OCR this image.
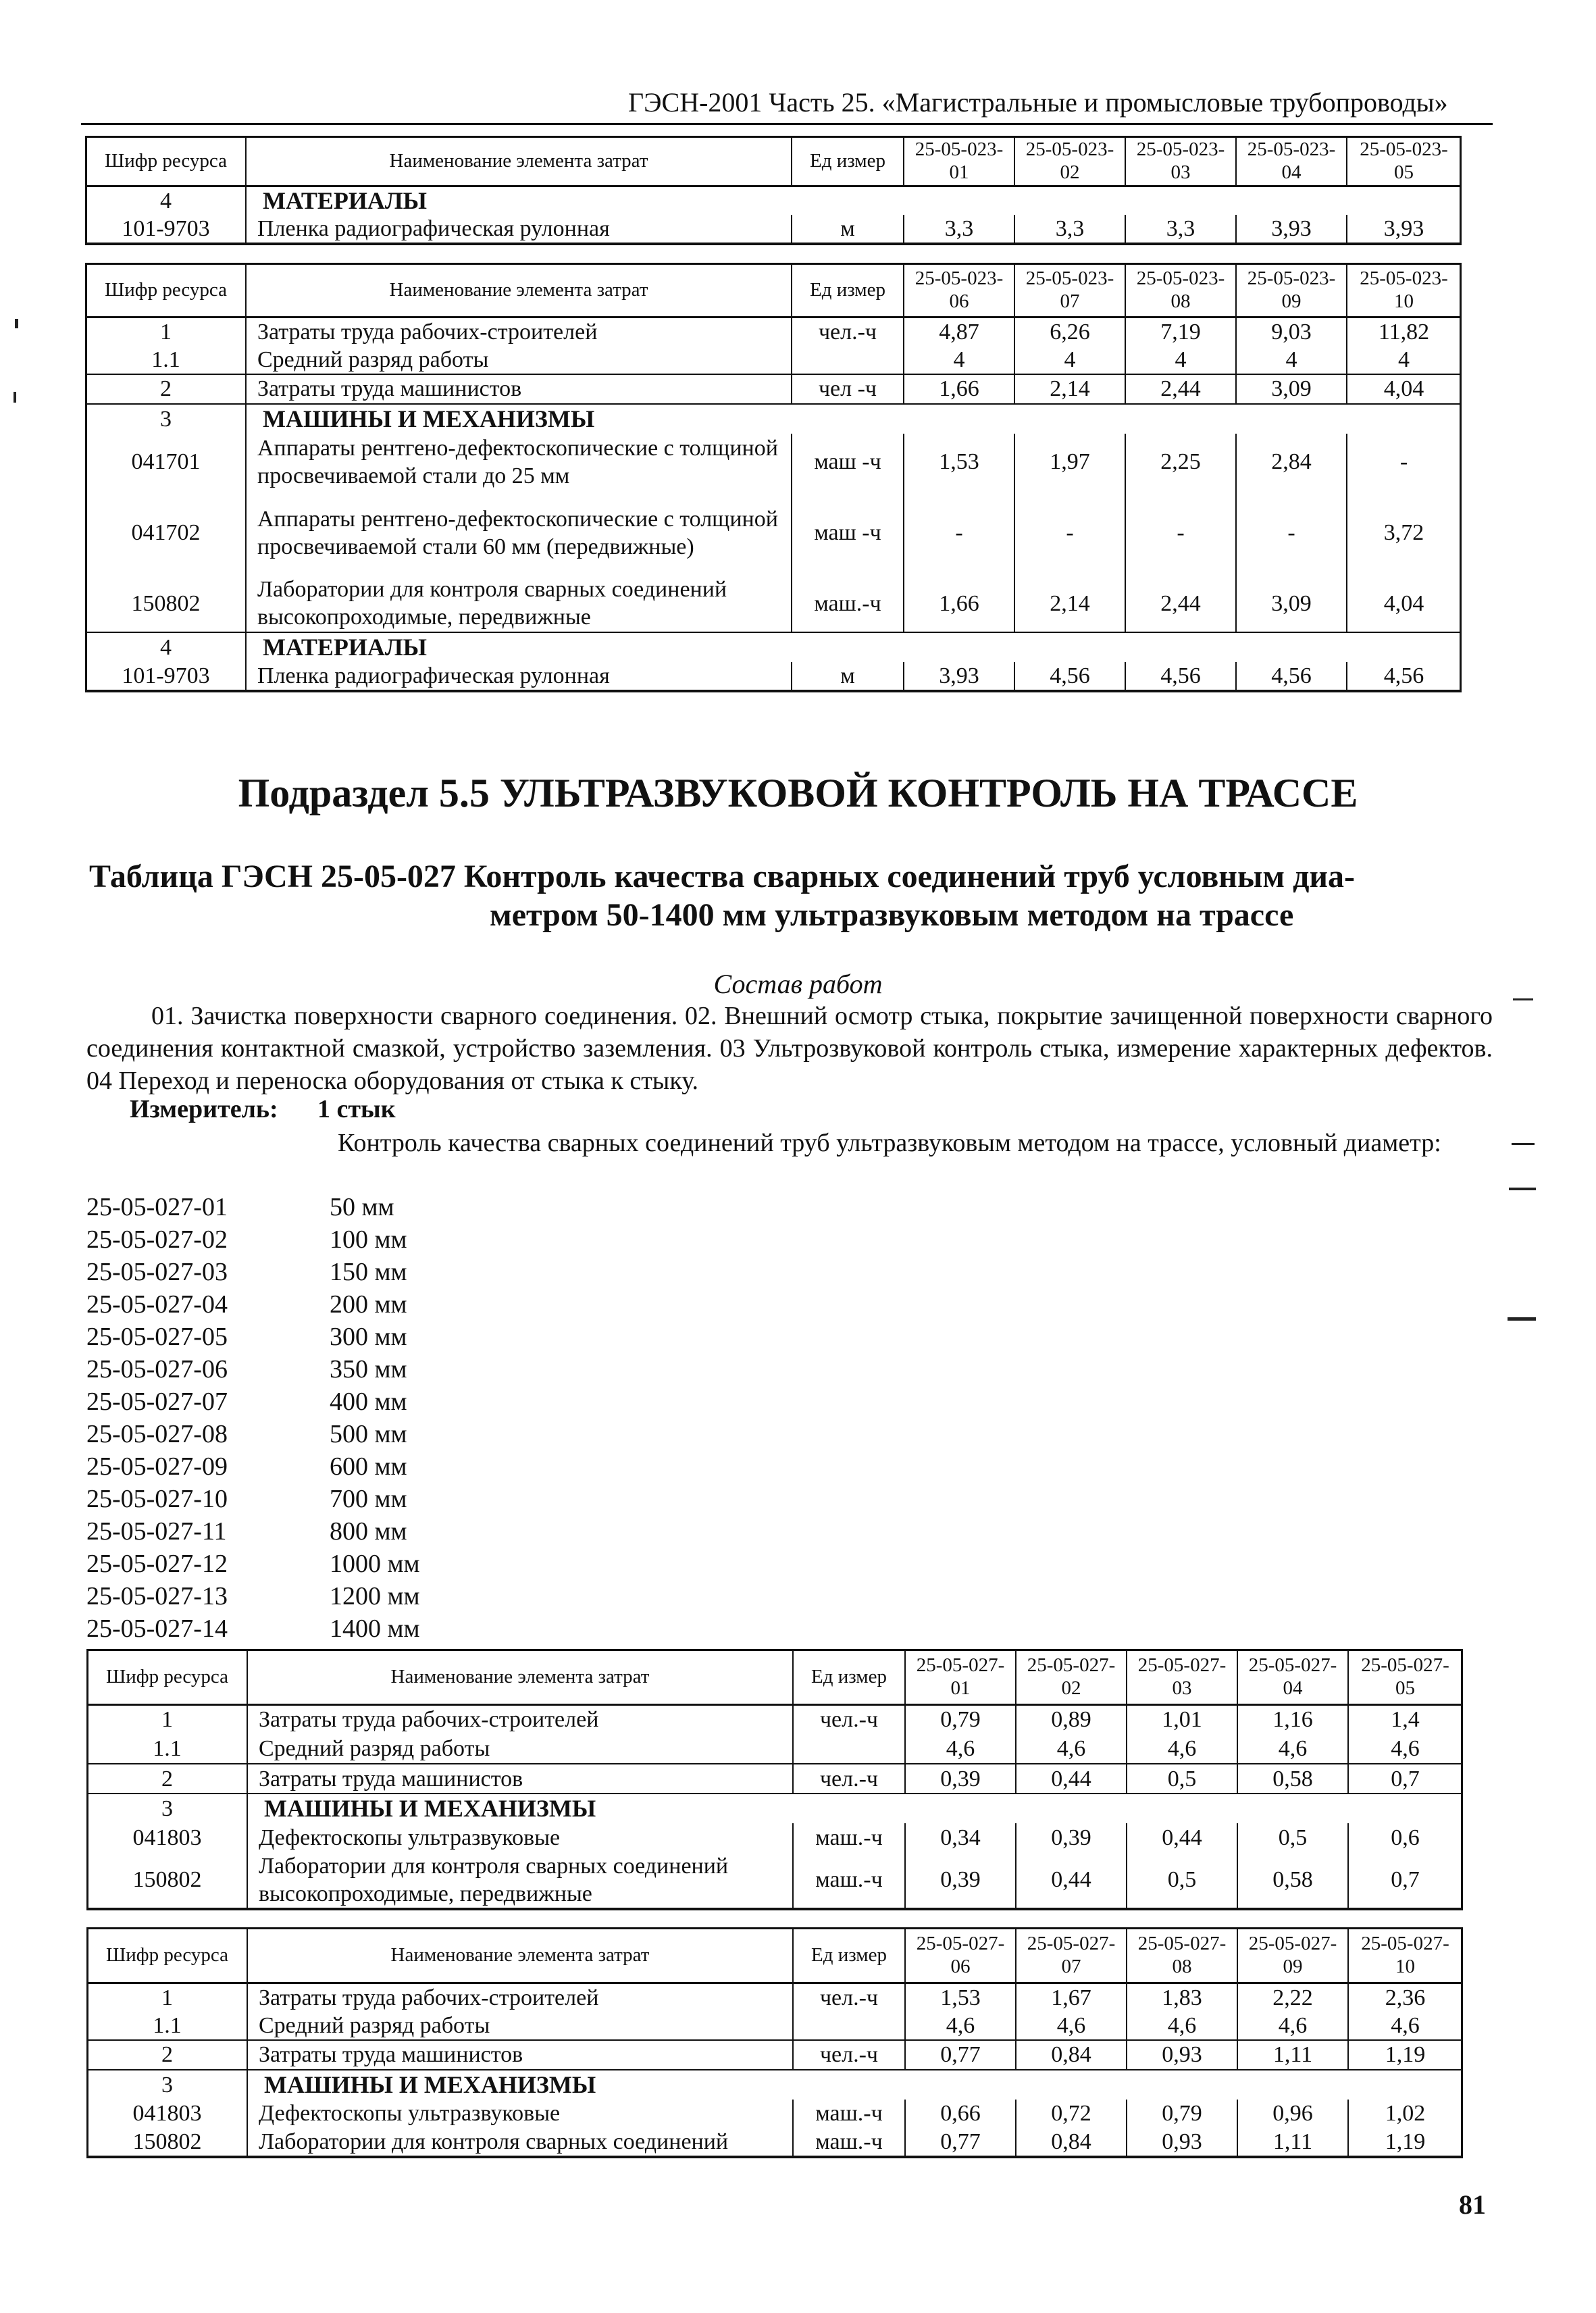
ГЭСН-2001 Часть 25. «Магистральные и промысловые трубопроводы»
Шифр ресурса	Наименование элемента затрат	Ед измер	25-05-023-01	25-05-023-02	25-05-023-03	25-05-023-04	25-05-023-05
4	МАТЕРИАЛЫ						
101-9703	Пленка радиографическая рулонная	м	3,3	3,3	3,3	3,93	3,93
Шифр ресурса	Наименование элемента затрат	Ед измер	25-05-023-06	25-05-023-07	25-05-023-08	25-05-023-09	25-05-023-10
1	Затраты труда рабочих-строителей	чел.-ч	4,87	6,26	7,19	9,03	11,82
1.1	Средний разряд работы		4	4	4	4	4
2	Затраты труда машинистов	чел -ч	1,66	2,14	2,44	3,09	4,04
3	МАШИНЫ И МЕХАНИЗМЫ						
041701	Аппараты рентгено-дефектоскопические с толщиной просвечиваемой стали до 25 мм	маш -ч	1,53	1,97	2,25	2,84	-
041702	Аппараты рентгено-дефектоскопические с толщиной просвечиваемой стали 60 мм (передвижные)	маш -ч	-	-	-	-	3,72
150802	Лаборатории для контроля сварных соединений высокопроходимые, передвижные	маш.-ч	1,66	2,14	2,44	3,09	4,04
4	МАТЕРИАЛЫ						
101-9703	Пленка радиографическая рулонная	м	3,93	4,56	4,56	4,56	4,56
Подраздел 5.5 УЛЬТРАЗВУКОВОЙ КОНТРОЛЬ НА ТРАССЕ
Таблица ГЭСН 25-05-027 Контроль качества сварных соединений труб условным диа-
метром 50-1400 мм ультразвуковым методом на трассе
Состав работ
01. Зачистка поверхности сварного соединения. 02. Внешний осмотр стыка, покрытие зачищенной поверхности сварного соединения контактной смазкой, устройство заземления. 03 Ультрозвуковой контроль стыка, измерение характерных дефектов. 04 Переход и переноска оборудования от стыка к стыку.
Измеритель: 1 стык
Контроль качества сварных соединений труб ультразвуковым методом на трассе, условный диаметр:
25-05-027-01	50 мм
25-05-027-02	100 мм
25-05-027-03	150 мм
25-05-027-04	200 мм
25-05-027-05	300 мм
25-05-027-06	350 мм
25-05-027-07	400 мм
25-05-027-08	500 мм
25-05-027-09	600 мм
25-05-027-10	700 мм
25-05-027-11	800 мм
25-05-027-12	1000 мм
25-05-027-13	1200 мм
25-05-027-14	1400 мм
Шифр ресурса	Наименование элемента затрат	Ед измер	25-05-027-01	25-05-027-02	25-05-027-03	25-05-027-04	25-05-027-05
1	Затраты труда рабочих-строителей	чел.-ч	0,79	0,89	1,01	1,16	1,4
1.1	Средний разряд работы		4,6	4,6	4,6	4,6	4,6
2	Затраты труда машинистов	чел.-ч	0,39	0,44	0,5	0,58	0,7
3	МАШИНЫ И МЕХАНИЗМЫ						
041803	Дефектоскопы ультразвуковые	маш.-ч	0,34	0,39	0,44	0,5	0,6
150802	Лаборатории для контроля сварных соединений высокопроходимые, передвижные	маш.-ч	0,39	0,44	0,5	0,58	0,7
Шифр ресурса	Наименование элемента затрат	Ед измер	25-05-027-06	25-05-027-07	25-05-027-08	25-05-027-09	25-05-027-10
1	Затраты труда рабочих-строителей	чел.-ч	1,53	1,67	1,83	2,22	2,36
1.1	Средний разряд работы		4,6	4,6	4,6	4,6	4,6
2	Затраты труда машинистов	чел.-ч	0,77	0,84	0,93	1,11	1,19
3	МАШИНЫ И МЕХАНИЗМЫ						
041803	Дефектоскопы ультразвуковые	маш.-ч	0,66	0,72	0,79	0,96	1,02
150802	Лаборатории для контроля сварных соединений	маш.-ч	0,77	0,84	0,93	1,11	1,19
81
